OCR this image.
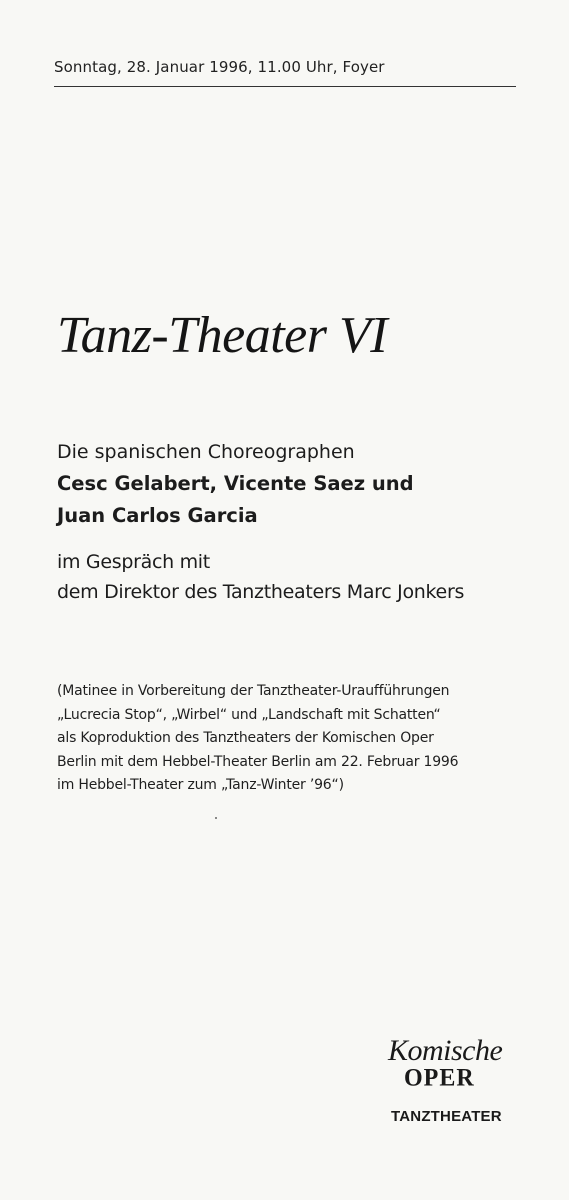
Sonntag, 28. Januar 1996, 11.00 Uhr, Foyer
Tanz-Theater VI
Die spanischen Choreographen
Cesc Gelabert, Vicente Saez und
Juan Carlos Garcia
im Gespräch mit
dem Direktor des Tanztheaters Marc Jonkers
(Matinee in Vorbereitung der Tanztheater-Uraufführungen
„Lucrecia Stop“, „Wirbel“ und „Landschaft mit Schatten“
als Koproduktion des Tanztheaters der Komischen Oper
Berlin mit dem Hebbel-Theater Berlin am 22. Februar 1996
im Hebbel-Theater zum „Tanz-Winter ’96“)
Komische
OPER
TANZTHEATER
